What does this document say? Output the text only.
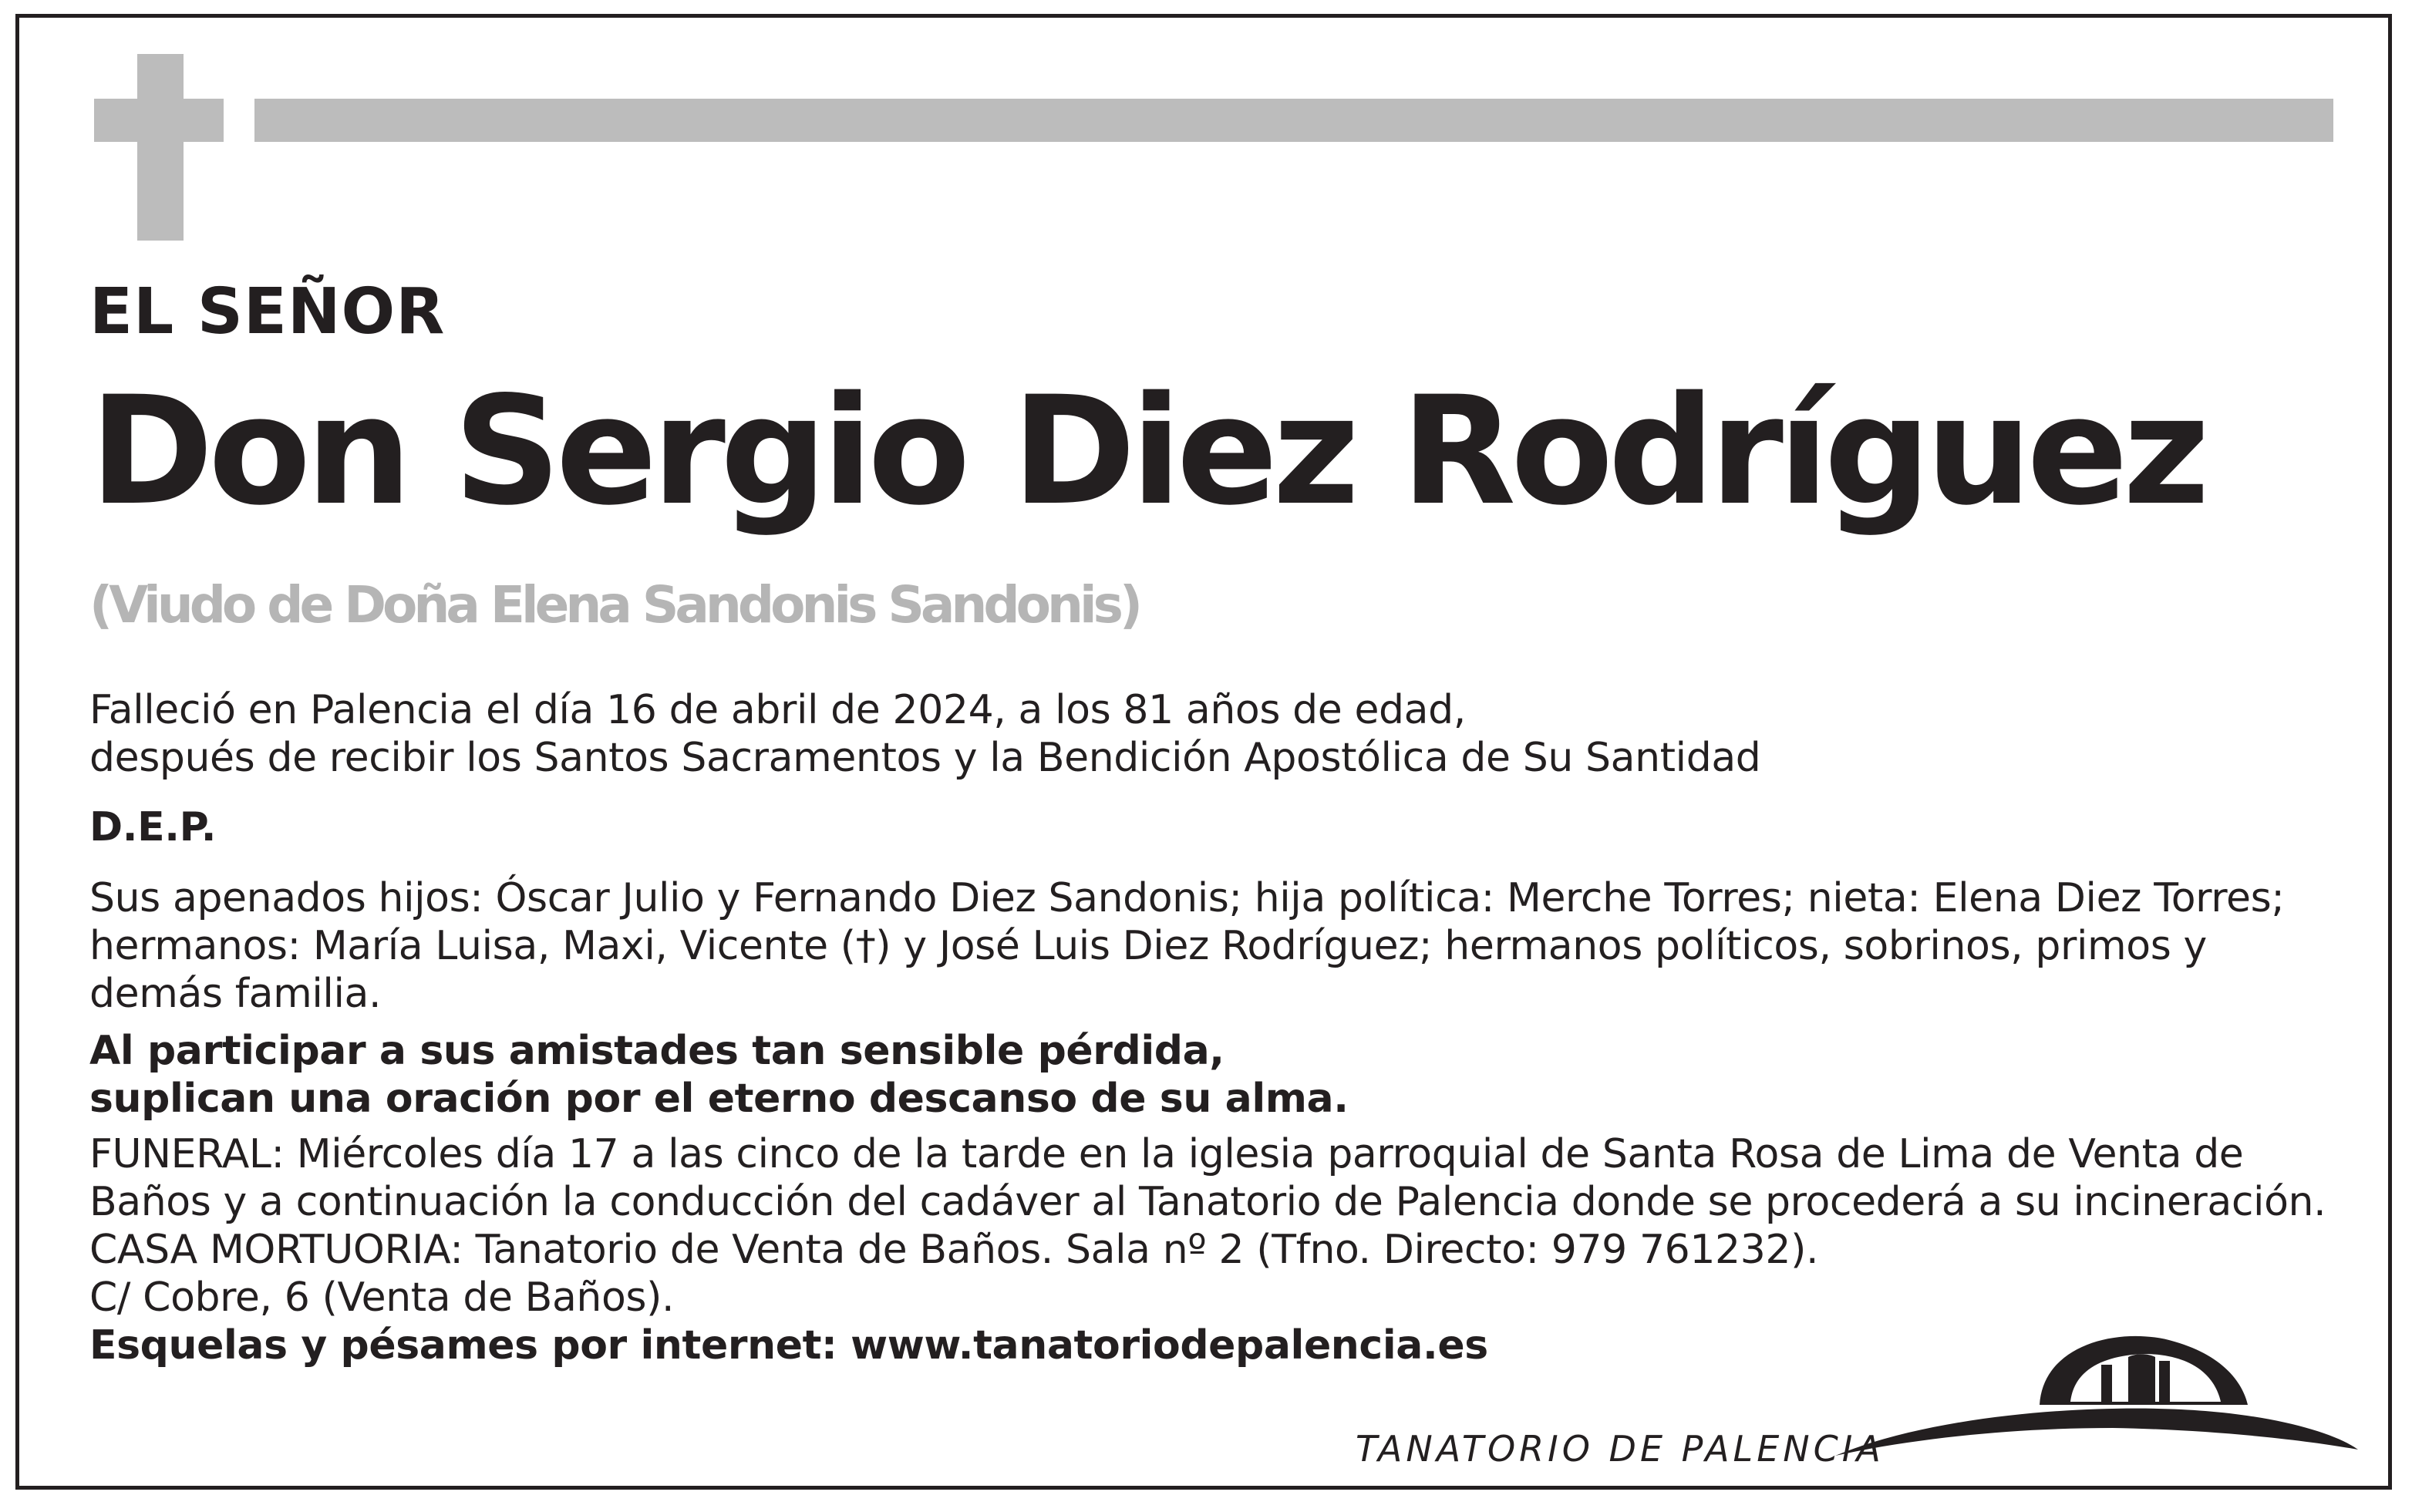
EL SEÑOR
Don Sergio Diez Rodríguez
(Viudo de Doña Elena Sandonis Sandonis)

Falleció en Palencia el día 16 de abril de 2024, a los 81 años de edad,

después de recibir los Santos Sacramentos y la Bendición Apostólica de Su Santidad

D.E.P.

Sus apenados hijos: Óscar Julio y Fernando Diez Sandonis; hija política: Merche Torres; nieta: Elena Diez Torres;

hermanos: María Luisa, Maxi, Vicente (†) y José Luis Diez Rodríguez; hermanos políticos, sobrinos, primos y

demás familia.

Al participar a sus amistades tan sensible pérdida,

suplican una oración por el eterno descanso de su alma.

FUNERAL: Miércoles día 17 a las cinco de la tarde en la iglesia parroquial de Santa Rosa de Lima de Venta de

Baños y a continuación la conducción del cadáver al Tanatorio de Palencia donde se procederá a su incineración.

CASA MORTUORIA: Tanatorio de Venta de Baños. Sala nº 2 (Tfno. Directo: 979 761232).

C/ Cobre, 6 (Venta de Baños).

Esquelas y pésames por internet: www.tanatoriodepalencia.es

TANATORIO DE PALENCIA
